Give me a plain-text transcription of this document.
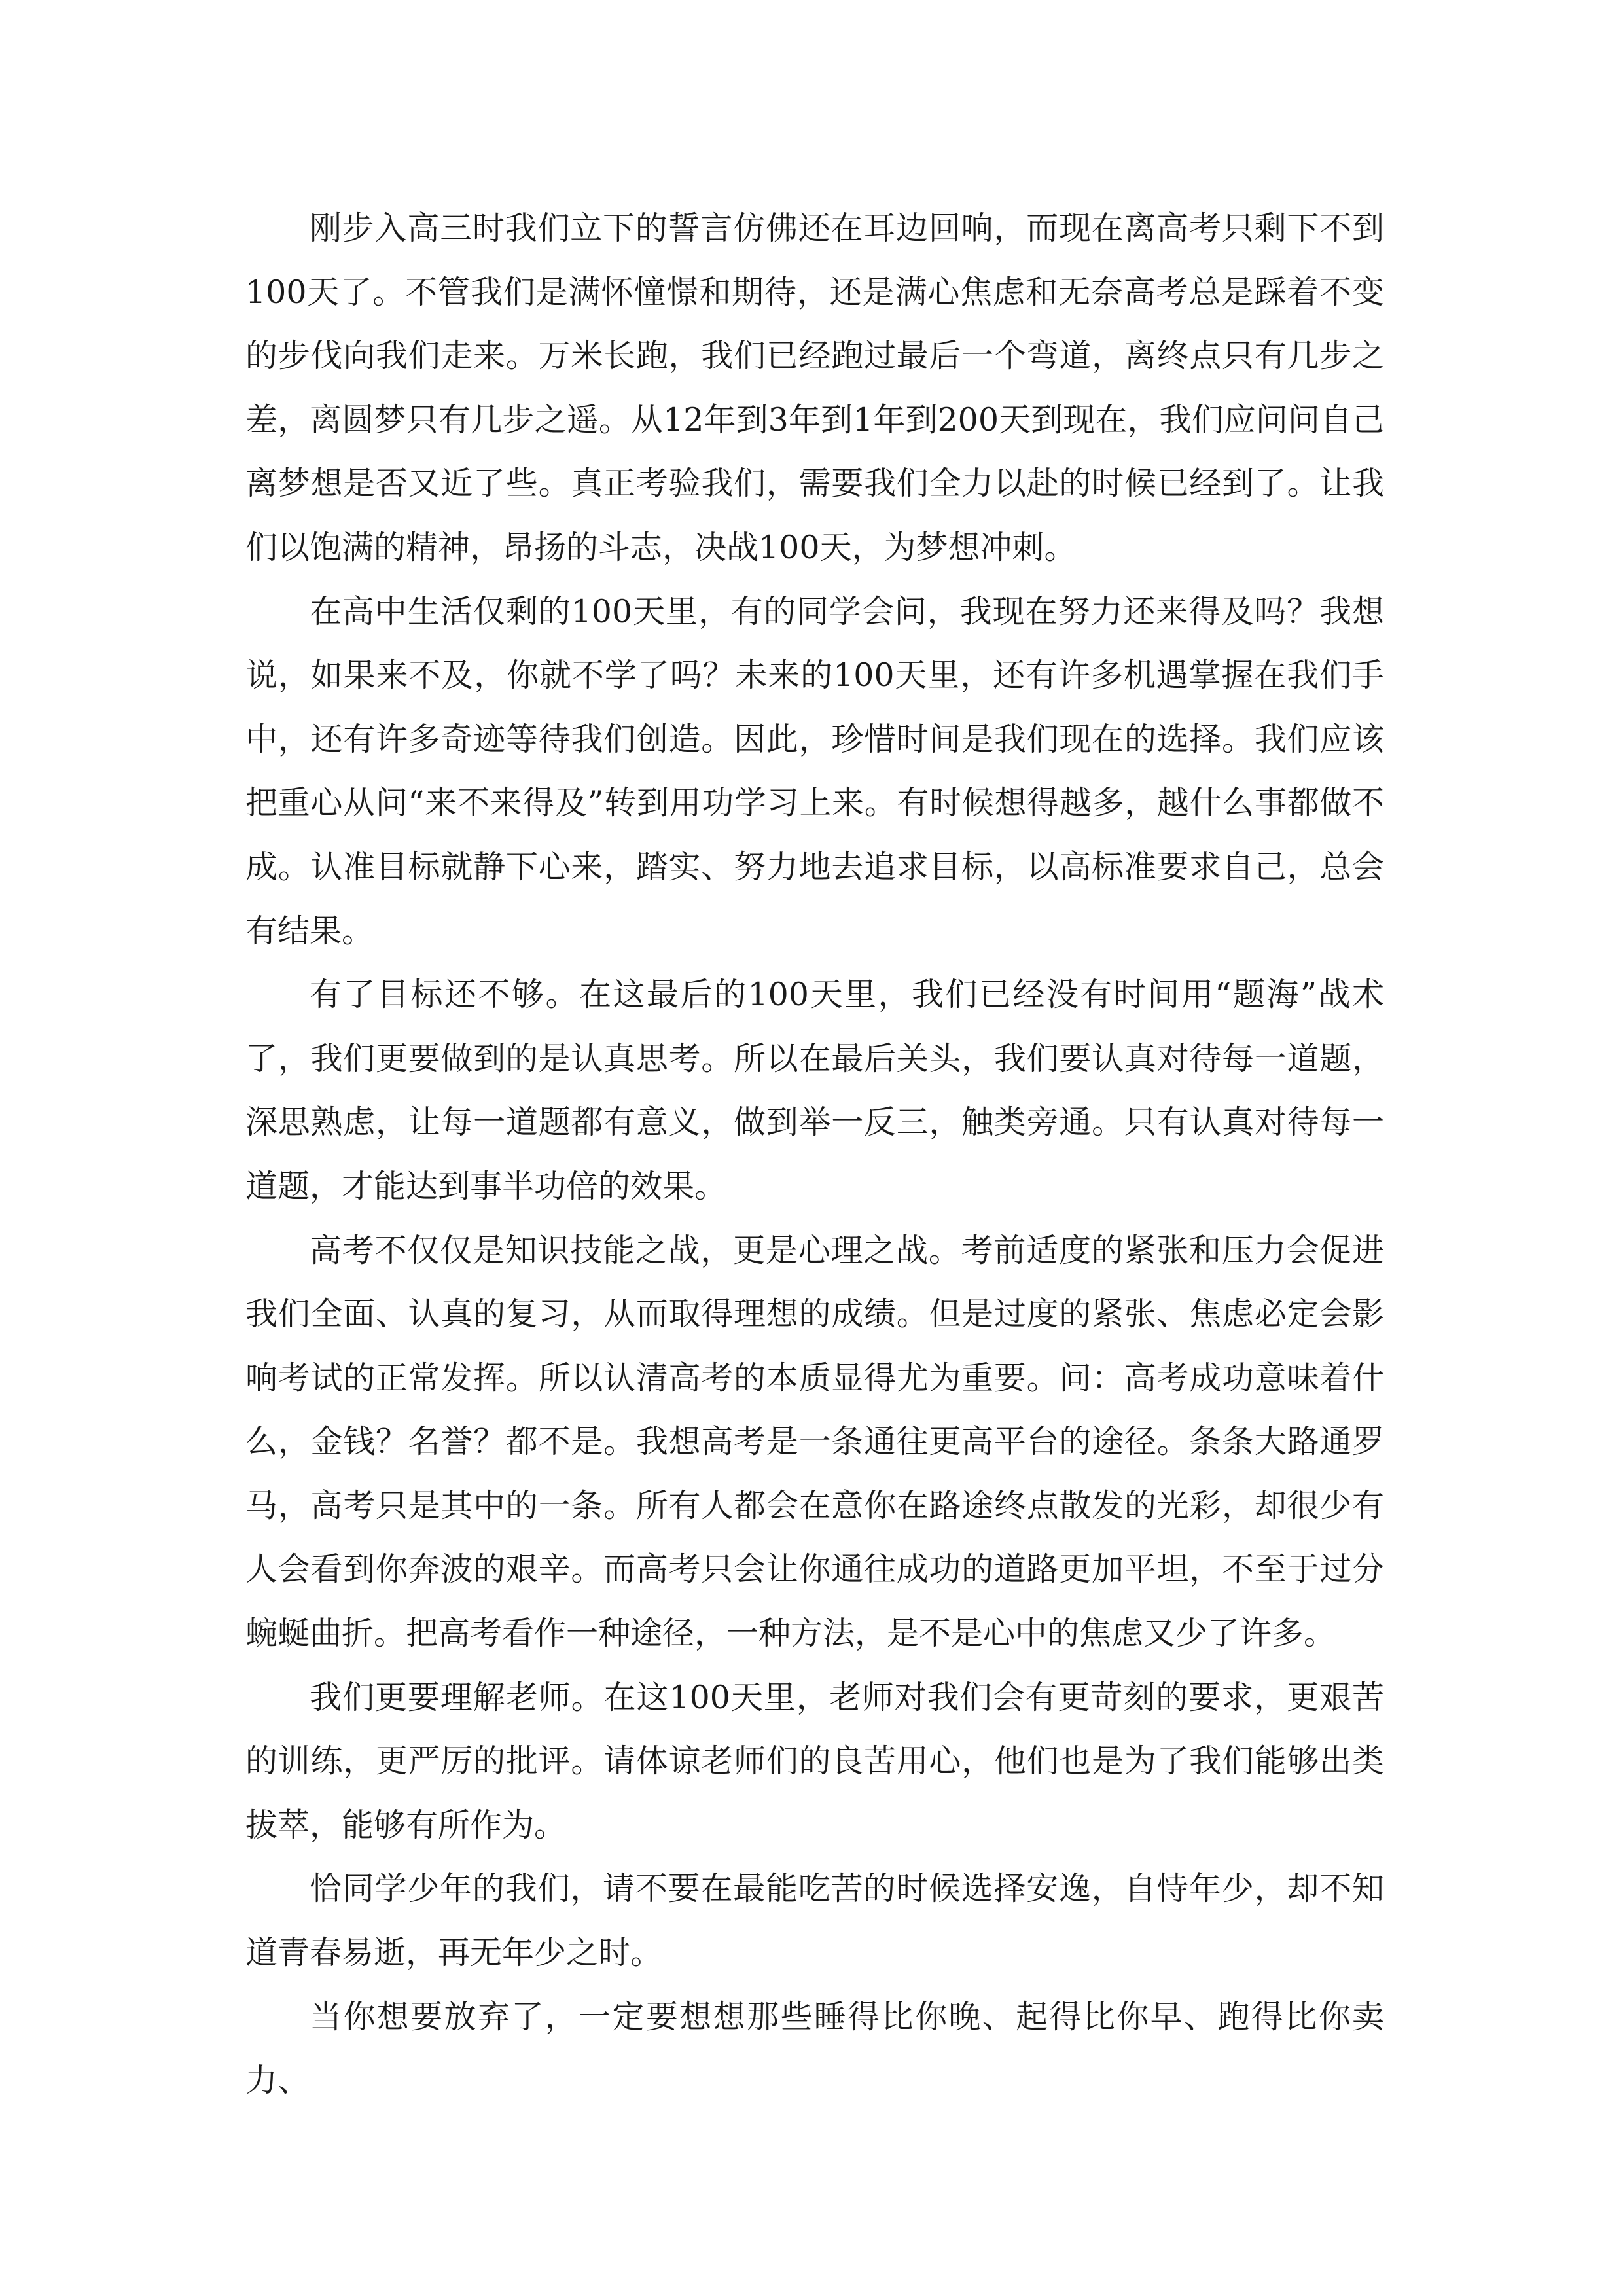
刚步入高三时我们立下的誓言仿佛还在耳边回响，而现在离高考只剩下不到100天了。不管我们是满怀憧憬和期待，还是满心焦虑和无奈高考总是踩着不变的步伐向我们走来。万米长跑，我们已经跑过最后一个弯道，离终点只有几步之差，离圆梦只有几步之遥。从12年到3年到1年到200天到现在，我们应问问自己离梦想是否又近了些。真正考验我们，需要我们全力以赴的时候已经到了。让我们以饱满的精神，昂扬的斗志，决战100天，为梦想冲刺。

在高中生活仅剩的100天里，有的同学会问，我现在努力还来得及吗？我想说，如果来不及，你就不学了吗？未来的100天里，还有许多机遇掌握在我们手中，还有许多奇迹等待我们创造。因此，珍惜时间是我们现在的选择。我们应该把重心从问“来不来得及”转到用功学习上来。有时候想得越多，越什么事都做不成。认准目标就静下心来，踏实、努力地去追求目标，以高标准要求自己，总会有结果。

有了目标还不够。在这最后的100天里，我们已经没有时间用“题海”战术了，我们更要做到的是认真思考。所以在最后关头，我们要认真对待每一道题，深思熟虑，让每一道题都有意义，做到举一反三，触类旁通。只有认真对待每一道题，才能达到事半功倍的效果。

高考不仅仅是知识技能之战，更是心理之战。考前适度的紧张和压力会促进我们全面、认真的复习，从而取得理想的成绩。但是过度的紧张、焦虑必定会影响考试的正常发挥。所以认清高考的本质显得尤为重要。问：高考成功意味着什么，金钱？名誉？都不是。我想高考是一条通往更高平台的途径。条条大路通罗马，高考只是其中的一条。所有人都会在意你在路途终点散发的光彩，却很少有人会看到你奔波的艰辛。而高考只会让你通往成功的道路更加平坦，不至于过分蜿蜒曲折。把高考看作一种途径，一种方法，是不是心中的焦虑又少了许多。

我们更要理解老师。在这100天里，老师对我们会有更苛刻的要求，更艰苦的训练，更严厉的批评。请体谅老师们的良苦用心，他们也是为了我们能够出类拔萃，能够有所作为。

恰同学少年的我们，请不要在最能吃苦的时候选择安逸，自恃年少，却不知道青春易逝，再无年少之时。

当你想要放弃了，一定要想想那些睡得比你晚、起得比你早、跑得比你卖力、
